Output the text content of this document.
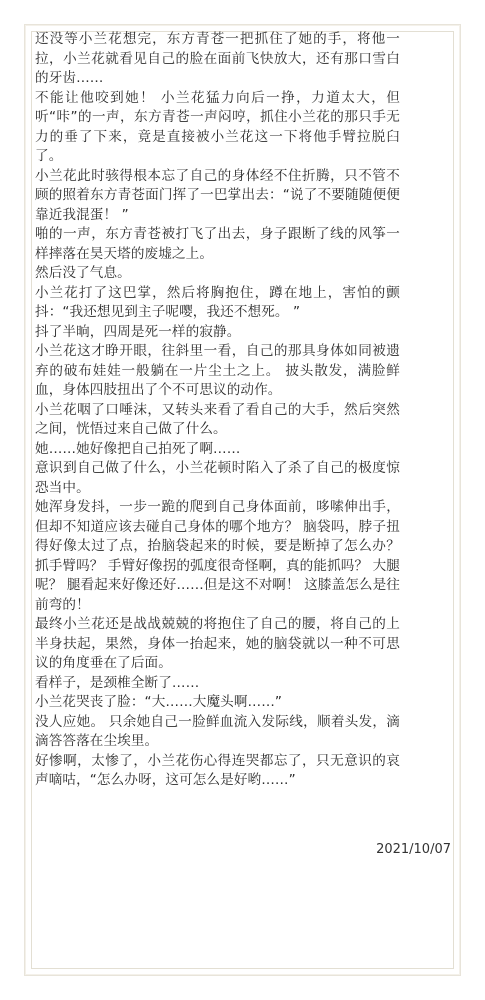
还没等小兰花想完，东方青苍一把抓住了她的手，将他一拉，小兰花就看见自己的脸在面前飞快放大，还有那口雪白的牙齿……

不能让他咬到她！ 小兰花猛力向后一挣，力道太大，但听“咔”的一声，东方青苍一声闷哼，抓住小兰花的那只手无力的垂了下来，竟是直接被小兰花这一下将他手臂拉脱臼了。

小兰花此时骇得根本忘了自己的身体经不住折腾，只不管不顾的照着东方青苍面门挥了一巴掌出去：“说了不要随随便便靠近我混蛋！ ”

啪的一声，东方青苍被打飞了出去，身子跟断了线的风筝一样摔落在昊天塔的废墟之上。

然后没了气息。

小兰花打了这巴掌，然后将胸抱住，蹲在地上，害怕的颤抖：“我还想见到主子呢嘤，我还不想死。 ”

抖了半晌，四周是死一样的寂静。

小兰花这才睁开眼，往斜里一看，自己的那具身体如同被遗弃的破布娃娃一般躺在一片尘土之上。 披头散发，满脸鲜血，身体四肢扭出了个不可思议的动作。

小兰花咽了口唾沫，又转头来看了看自己的大手，然后突然之间，恍悟过来自己做了什么。

她……她好像把自己拍死了啊……

意识到自己做了什么，小兰花顿时陷入了杀了自己的极度惊恐当中。

她浑身发抖，一步一跪的爬到自己身体面前，哆嗦伸出手，但却不知道应该去碰自己身体的哪个地方？ 脑袋吗，脖子扭得好像太过了点，抬脑袋起来的时候，要是断掉了怎么办？ 抓手臂吗？ 手臂好像拐的弧度很奇怪啊，真的能抓吗？ 大腿呢？ 腿看起来好像还好……但是这不对啊！ 这膝盖怎么是往前弯的！

最终小兰花还是战战兢兢的将抱住了自己的腰，将自己的上半身扶起，果然，身体一抬起来，她的脑袋就以一种不可思议的角度垂在了后面。

看样子，是颈椎全断了……

小兰花哭丧了脸：“大……大魔头啊……”

没人应她。 只余她自己一脸鲜血流入发际线，顺着头发，滴滴答答落在尘埃里。

好惨啊，太惨了，小兰花伤心得连哭都忘了，只无意识的哀声嘀咕，“怎么办呀，这可怎么是好哟……”

2021/10/07
